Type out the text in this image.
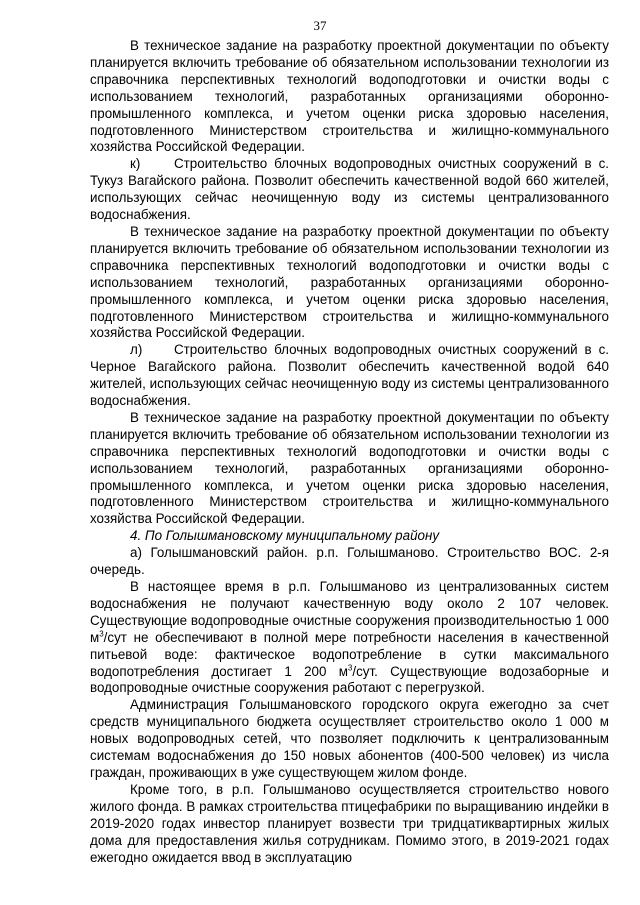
37

В техническое задание на разработку проектной документации по объекту планируется включить требование об обязательном использовании технологии из справочника перспективных технологий водоподготовки и очистки воды с использованием технологий, разработанных организациями оборонно-промышленного комплекса, и учетом оценки риска здоровью населения, подготовленного Министерством строительства и жилищно-коммунального хозяйства Российской Федерации.

к)	Строительство блочных водопроводных очистных сооружений в с. Тукуз Вагайского района. Позволит обеспечить качественной водой 660 жителей, использующих сейчас неочищенную воду из системы централизованного водоснабжения.

В техническое задание на разработку проектной документации по объекту планируется включить требование об обязательном использовании технологии из справочника перспективных технологий водоподготовки и очистки воды с использованием технологий, разработанных организациями оборонно-промышленного комплекса, и учетом оценки риска здоровью населения, подготовленного Министерством строительства и жилищно-коммунального хозяйства Российской Федерации.

л) Строительство блочных водопроводных очистных сооружений в с. Черное Вагайского района. Позволит обеспечить качественной водой 640 жителей, использующих сейчас неочищенную воду из системы централизованного водоснабжения.

В техническое задание на разработку проектной документации по объекту планируется включить требование об обязательном использовании технологии из справочника перспективных технологий водоподготовки и очистки воды с использованием технологий, разработанных организациями оборонно-промышленного комплекса, и учетом оценки риска здоровью населения, подготовленного Министерством строительства и жилищно-коммунального хозяйства Российской Федерации.

4. По Голышмановскому муниципальному району

а) Голышмановский район. р.п. Голышманово. Строительство ВОС. 2-я очередь.

В настоящее время в р.п. Голышманово из централизованных систем водоснабжения не получают качественную воду около 2 107 человек. Существующие водопроводные очистные сооружения производительностью 1 000 $м^3$/сут не обеспечивают в полной мере потребности населения в качественной питьевой воде: фактическое водопотребление в сутки максимального водопотребления достигает 1 200 $м^3$/сут. Существующие водозаборные и водопроводные очистные сооружения работают с перегрузкой.

Администрация Голышмановского городского округа ежегодно за счет средств муниципального бюджета осуществляет строительство около 1 000 м новых водопроводных сетей, что позволяет подключить к централизованным системам водоснабжения до 150 новых абонентов (400-500 человек) из числа граждан, проживающих в уже существующем жилом фонде.

Кроме того, в р.п. Голышманово осуществляется строительство нового жилого фонда. В рамках строительства птицефабрики по выращиванию индейки в 2019-2020 годах инвестор планирует возвести три тридцатиквартирных жилых дома для предоставления жилья сотрудникам. Помимо этого, в 2019-2021 годах ежегодно ожидается ввод в эксплуатацию
